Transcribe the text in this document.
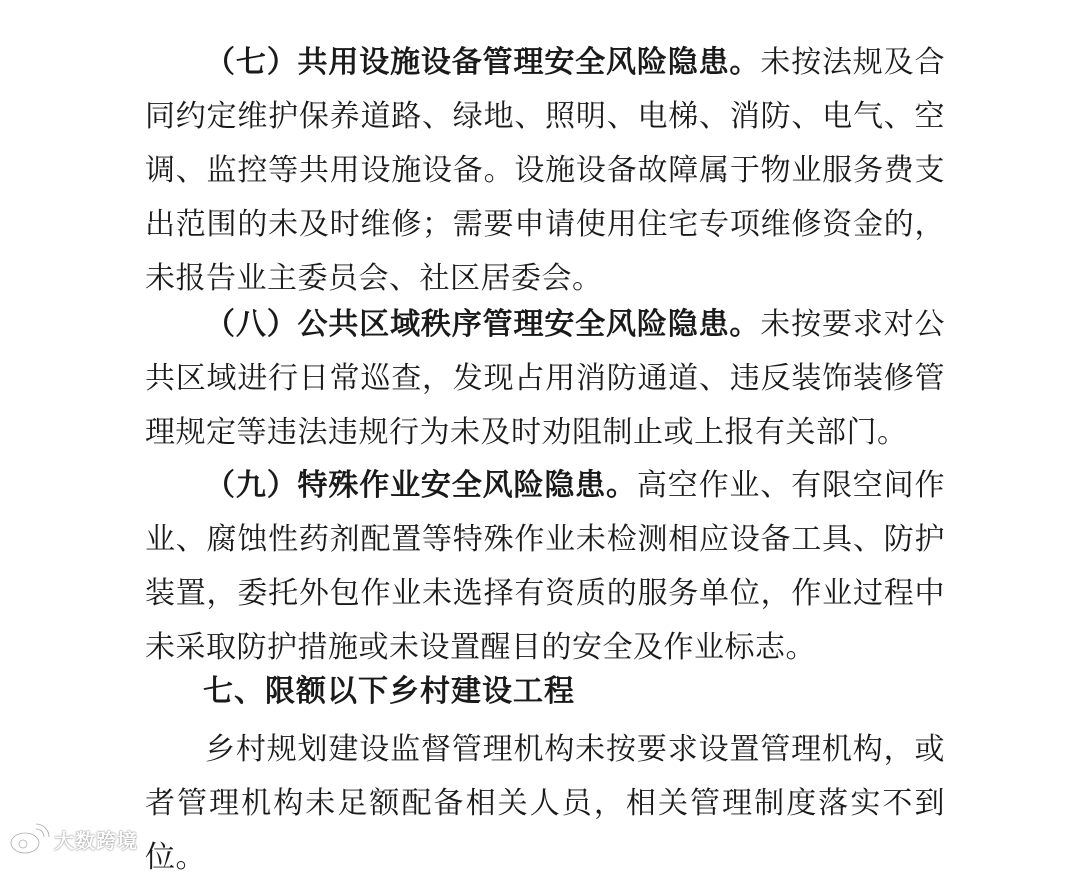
（七）共用设施设备管理安全风险隐患。未按法规及合同约定维护保养道路、绿地、照明、电梯、消防、电气、空调、监控等共用设施设备。设施设备故障属于物业服务费支出范围的未及时维修；需要申请使用住宅专项维修资金的，未报告业主委员会、社区居委会。

（八）公共区域秩序管理安全风险隐患。未按要求对公共区域进行日常巡查，发现占用消防通道、违反装饰装修管理规定等违法违规行为未及时劝阻制止或上报有关部门。

（九）特殊作业安全风险隐患。高空作业、有限空间作业、腐蚀性药剂配置等特殊作业未检测相应设备工具、防护装置，委托外包作业未选择有资质的服务单位，作业过程中未采取防护措施或未设置醒目的安全及作业标志。

七、限额以下乡村建设工程

乡村规划建设监督管理机构未按要求设置管理机构，或者管理机构未足额配备相关人员，相关管理制度落实不到位。

大数跨境
